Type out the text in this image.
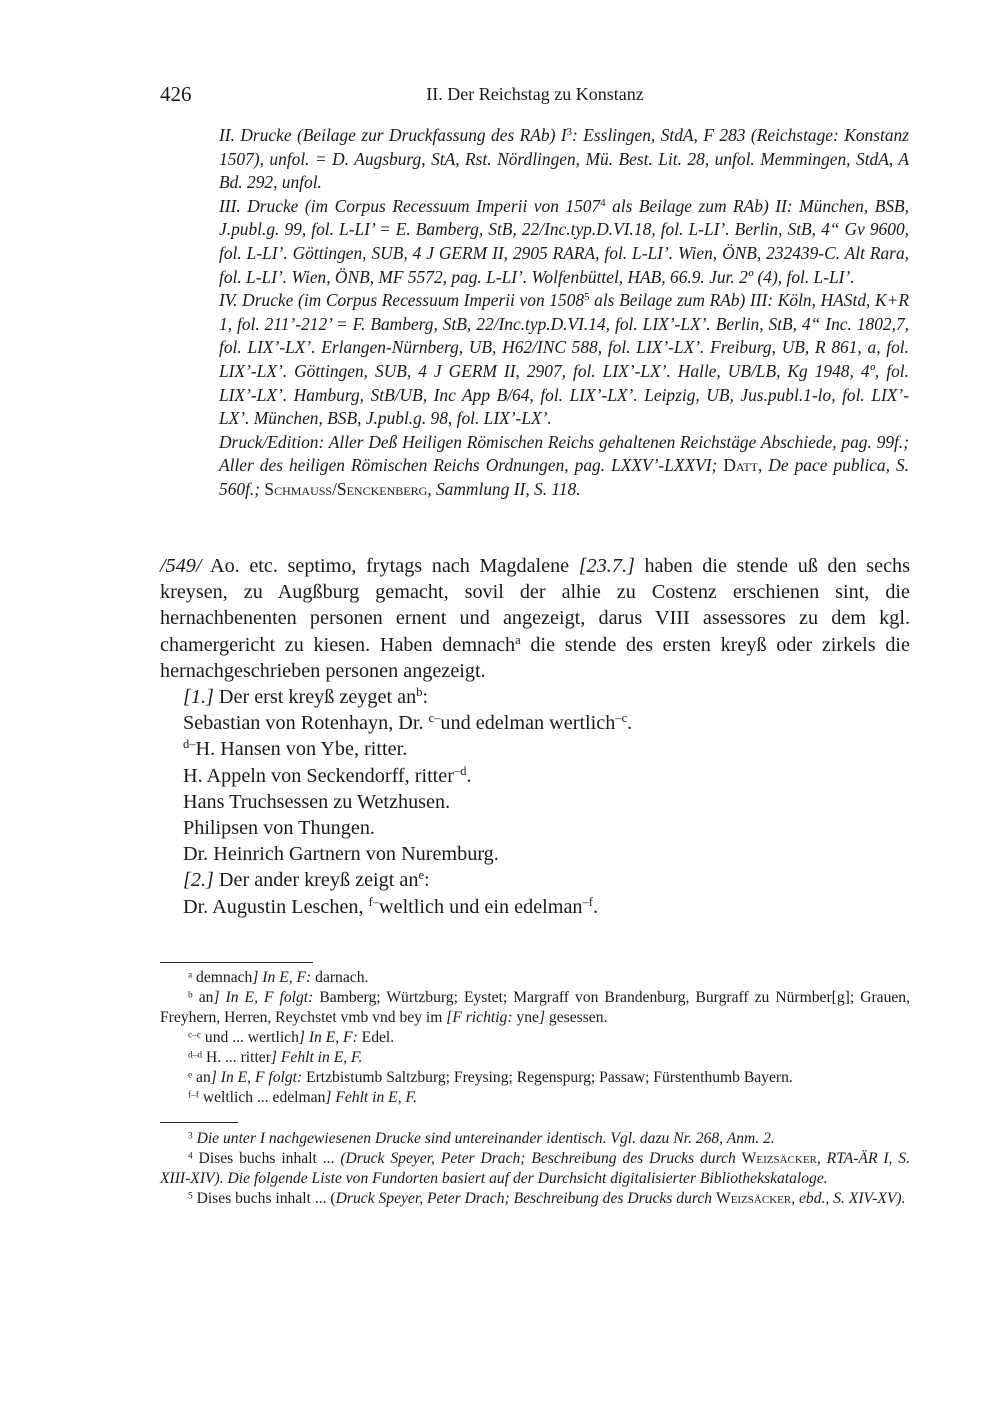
426	II. Der Reichstag zu Konstanz

II. Drucke (Beilage zur Druckfassung des RAb) $I^3$: Esslingen, StdA, F 283 (Reichstage: Konstanz 1507), unfol. = D. Augsburg, StA, Rst. Nördlingen, Mü. Best. Lit. 28, unfol. Memmingen, StdA, A Bd. 292, unfol.

III. Drucke (im Corpus Recessuum Imperii von 1507$^4$ als Beilage zum RAb) II: München, BSB, J.publ.g. 99, fol. L-LI’ = E. Bamberg, StB, 22/Inc.typ.D.VI.18, fol. L-LI’. Berlin, StB, 4“ Gv 9600, fol. L-LI’. Göttingen, SUB, 4 J GERM II, 2905 RARA, fol. L-LI’. Wien, ÖNB, 232439-C. Alt Rara, fol. L-LI’. Wien, ÖNB, MF 5572, pag. L-LI’. Wolfenbüttel, HAB, 66.9. Jur. 2º (4), fol. L-LI’.

IV. Drucke (im Corpus Recessuum Imperii von 1508$^5$ als Beilage zum RAb) III: Köln, HAStd, K+R 1, fol. 211’-212’ = F. Bamberg, StB, 22/Inc.typ.D.VI.14, fol. LIX’-LX’. Berlin, StB, 4“ Inc. 1802,7, fol. LIX’-LX’. Erlangen-Nürnberg, UB, H62/INC 588, fol. LIX’-LX’. Freiburg, UB, R 861, a, fol. LIX’-LX’. Göttingen, SUB, 4 J GERM II, 2907, fol. LIX’-LX’. Halle, UB/LB, Kg 1948, 4º, fol. LIX’-LX’. Hamburg, StB/UB, Inc App B/64, fol. LIX’-LX’. Leipzig, UB, Jus.publ.1-lo, fol. LIX’-LX’. München, BSB, J.publ.g. 98, fol. LIX’-LX’.

Druck/Edition: Aller Deß Heiligen Römischen Reichs gehaltenen Reichstäge Abschiede, pag. 99f.; Aller des heiligen Römischen Reichs Ordnungen, pag. LXXV’-LXXVI; Datt, De pace publica, S. 560f.; Schmauss/Senckenberg, Sammlung II, S. 118.

/549/ Ao. etc. septimo, frytags nach Magdalene [23.7.] haben die stende uß den sechs kreysen, zu Augßburg gemacht, sovil der alhie zu Costenz erschienen sint, die hernachbenenten personen ernent und angezeigt, darus VIII assessores zu dem kgl. chamergericht zu kiesen. Haben demnach$^a$ die stende des ersten kreyß oder zirkels die hernachgeschrieben personen angezeigt.

[1.] Der erst kreyß zeyget $an^b$:

Sebastian von Rotenhayn, Dr. $^{c-}$und edelman wertlich$^{-c}$.

$^{d-}$H. Hansen von Ybe, ritter.

H. Appeln von Seckendorff, ritter$^{-d}$.

Hans Truchsessen zu Wetzhusen.

Philipsen von Thungen.

Dr. Heinrich Gartnern von Nuremburg.

[2.] Der ander kreyß zeigt $an^e$:

Dr. Augustin Leschen, $^{f-}$weltlich und ein edelman$^{-f}$.

$^a$ demnach] In E, F: darnach.

$^b$ an] In E, F folgt: Bamberg; Würtzburg; Eystet; Margraff von Brandenburg, Burgraff zu Nürmber[g]; Grauen, Freyhern, Herren, Reychstet vmb vnd bey im [F richtig: yne] gesessen.

$^{c-c}$ und ... wertlich] In E, F: Edel.

$^{d-d}$ H. ... ritter] Fehlt in E, F.

$^e$ an] In E, F folgt: Ertzbistumb Saltzburg; Freysing; Regenspurg; Passaw; Fürstenthumb Bayern.

$^{f-f}$ weltlich ... edelman] Fehlt in E, F.

$^3$ Die unter I nachgewiesenen Drucke sind untereinander identisch. Vgl. dazu Nr. 268, Anm. 2.

$^4$ Dises buchs inhalt ... (Druck Speyer, Peter Drach; Beschreibung des Drucks durch Weizsäcker, RTA-ÄR I, S. XIII-XIV). Die folgende Liste von Fundorten basiert auf der Durchsicht digitalisierter Bibliothekskataloge.

$^5$ Dises buchs inhalt ... (Druck Speyer, Peter Drach; Beschreibung des Drucks durch Weizsäcker, ebd., S. XIV-XV).
